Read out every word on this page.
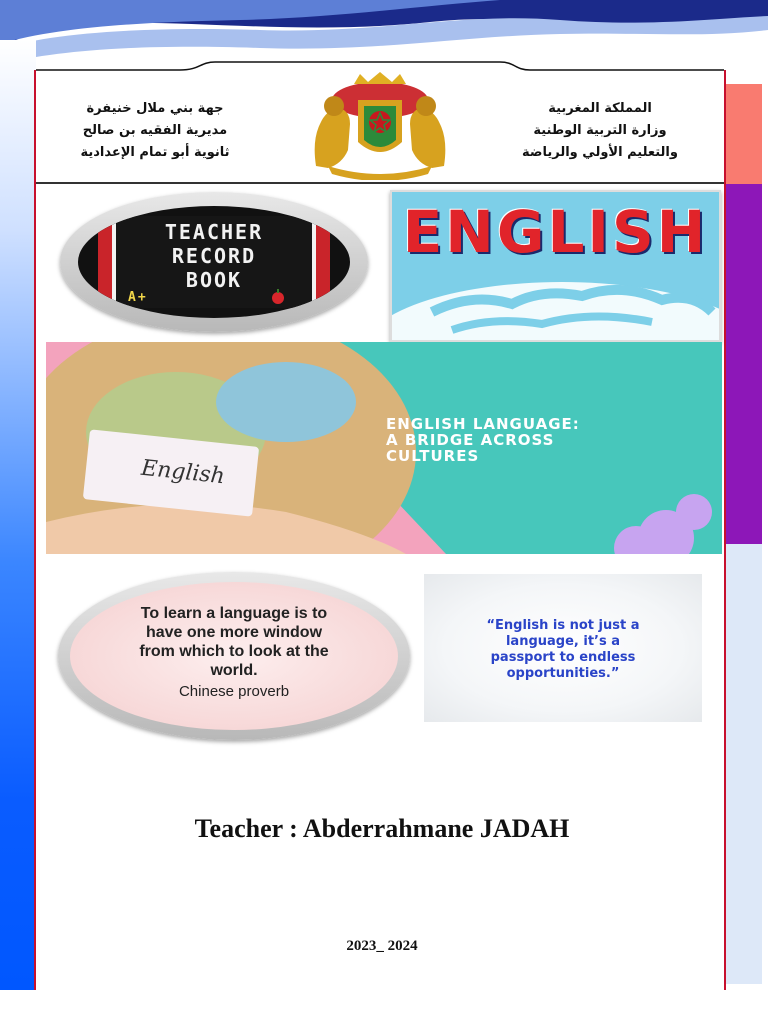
المملكة المغربية
وزارة التربية الوطنية
والتعليم الأولي والرياضة
جهة بني ملال خنيفرة
مديرية الفقيه بن صالح
ثانوية أبو تمام الإعدادية
TEACHER
RECORD
BOOK
A+
ENGLISH
English
ENGLISH LANGUAGE:
A BRIDGE ACROSS
CULTURES
To learn a language is to
have one more window
from which to look at the
world.
Chinese proverb
“English is not just a
language, it’s a
passport to endless
opportunities.”
Teacher : Abderrahmane JADAH
2023_ 2024
